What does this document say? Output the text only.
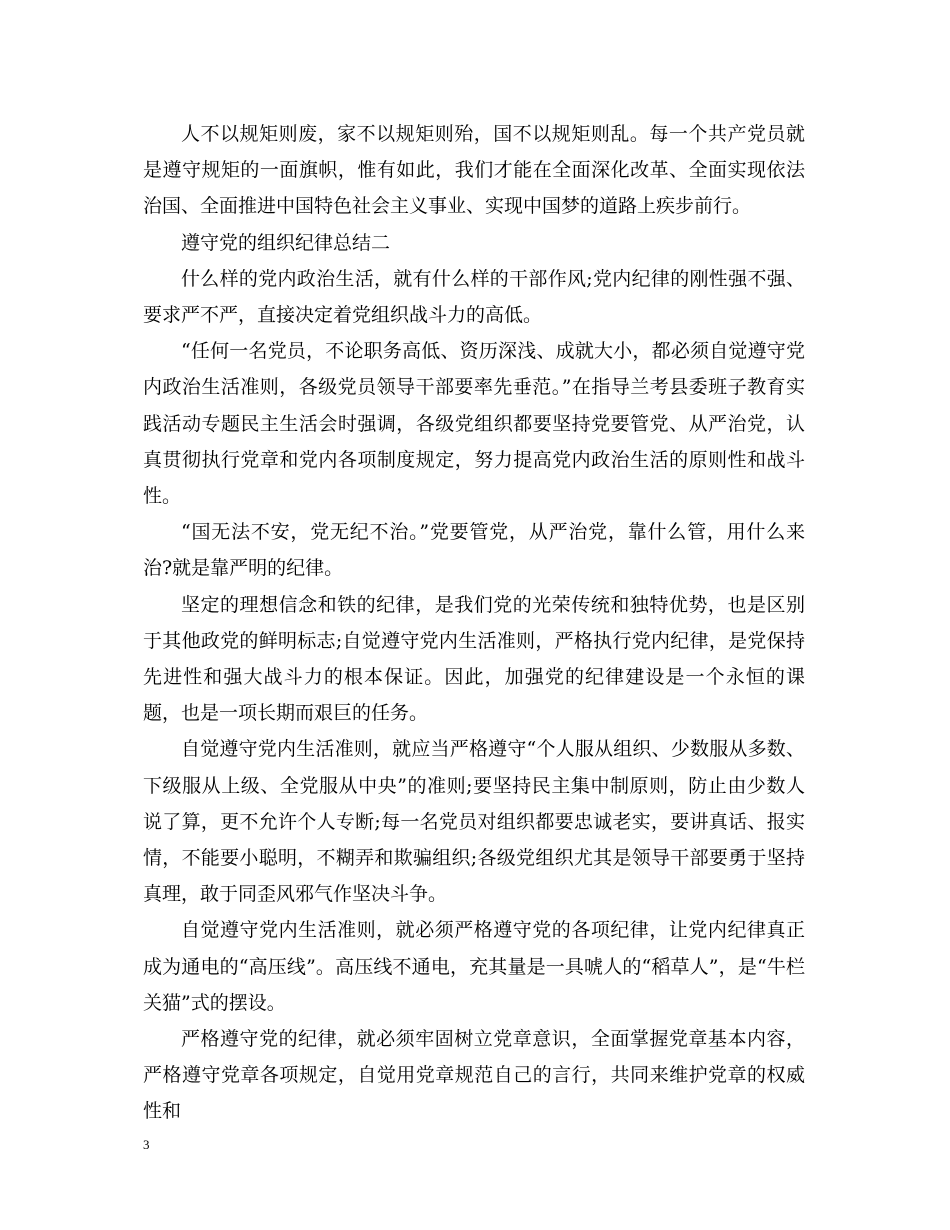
人不以规矩则废，家不以规矩则殆，国不以规矩则乱。每一个共产党员就是遵守规矩的一面旗帜，惟有如此，我们才能在全面深化改革、全面实现依法治国、全面推进中国特色社会主义事业、实现中国梦的道路上疾步前行。

遵守党的组织纪律总结二

什么样的党内政治生活，就有什么样的干部作风;党内纪律的刚性强不强、要求严不严，直接决定着党组织战斗力的高低。

“任何一名党员，不论职务高低、资历深浅、成就大小，都必须自觉遵守党内政治生活准则，各级党员领导干部要率先垂范。”在指导兰考县委班子教育实践活动专题民主生活会时强调，各级党组织都要坚持党要管党、从严治党，认真贯彻执行党章和党内各项制度规定，努力提高党内政治生活的原则性和战斗性。

“国无法不安，党无纪不治。”党要管党，从严治党，靠什么管，用什么来治?就是靠严明的纪律。

坚定的理想信念和铁的纪律，是我们党的光荣传统和独特优势，也是区别于其他政党的鲜明标志;自觉遵守党内生活准则，严格执行党内纪律，是党保持先进性和强大战斗力的根本保证。因此，加强党的纪律建设是一个永恒的课题，也是一项长期而艰巨的任务。

自觉遵守党内生活准则，就应当严格遵守“个人服从组织、少数服从多数、下级服从上级、全党服从中央”的准则;要坚持民主集中制原则，防止由少数人说了算，更不允许个人专断;每一名党员对组织都要忠诚老实，要讲真话、报实情，不能要小聪明，不糊弄和欺骗组织;各级党组织尤其是领导干部要勇于坚持真理，敢于同歪风邪气作坚决斗争。

自觉遵守党内生活准则，就必须严格遵守党的各项纪律，让党内纪律真正成为通电的“高压线”。高压线不通电，充其量是一具唬人的“稻草人”，是“牛栏关猫”式的摆设。

严格遵守党的纪律，就必须牢固树立党章意识，全面掌握党章基本内容，严格遵守党章各项规定，自觉用党章规范自己的言行，共同来维护党章的权威性和

3
